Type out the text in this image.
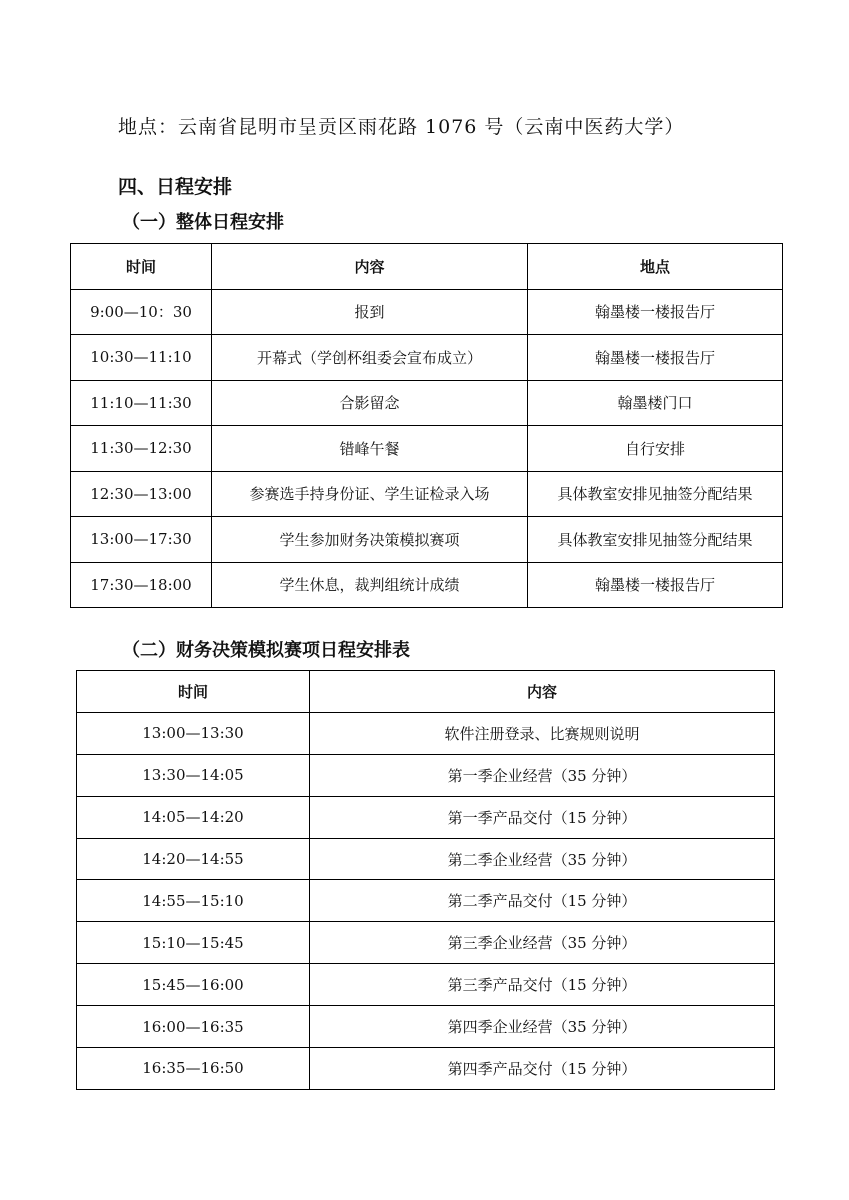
地点：云南省昆明市呈贡区雨花路 1076 号（云南中医药大学）
四、日程安排
（一）整体日程安排
时间	内容	地点
9:00—10：30	报到	翰墨楼一楼报告厅
10:30—11:10	开幕式（学创杯组委会宣布成立）	翰墨楼一楼报告厅
11:10—11:30	合影留念	翰墨楼门口
11:30—12:30	错峰午餐	自行安排
12:30—13:00	参赛选手持身份证、学生证检录入场	具体教室安排见抽签分配结果
13:00—17:30	学生参加财务决策模拟赛项	具体教室安排见抽签分配结果
17:30—18:00	学生休息，裁判组统计成绩	翰墨楼一楼报告厅
（二）财务决策模拟赛项日程安排表
时间	内容
13:00—13:30	软件注册登录、比赛规则说明
13:30—14:05	第一季企业经营（35 分钟）
14:05—14:20	第一季产品交付（15 分钟）
14:20—14:55	第二季企业经营（35 分钟）
14:55—15:10	第二季产品交付（15 分钟）
15:10—15:45	第三季企业经营（35 分钟）
15:45—16:00	第三季产品交付（15 分钟）
16:00—16:35	第四季企业经营（35 分钟）
16:35—16:50	第四季产品交付（15 分钟）
